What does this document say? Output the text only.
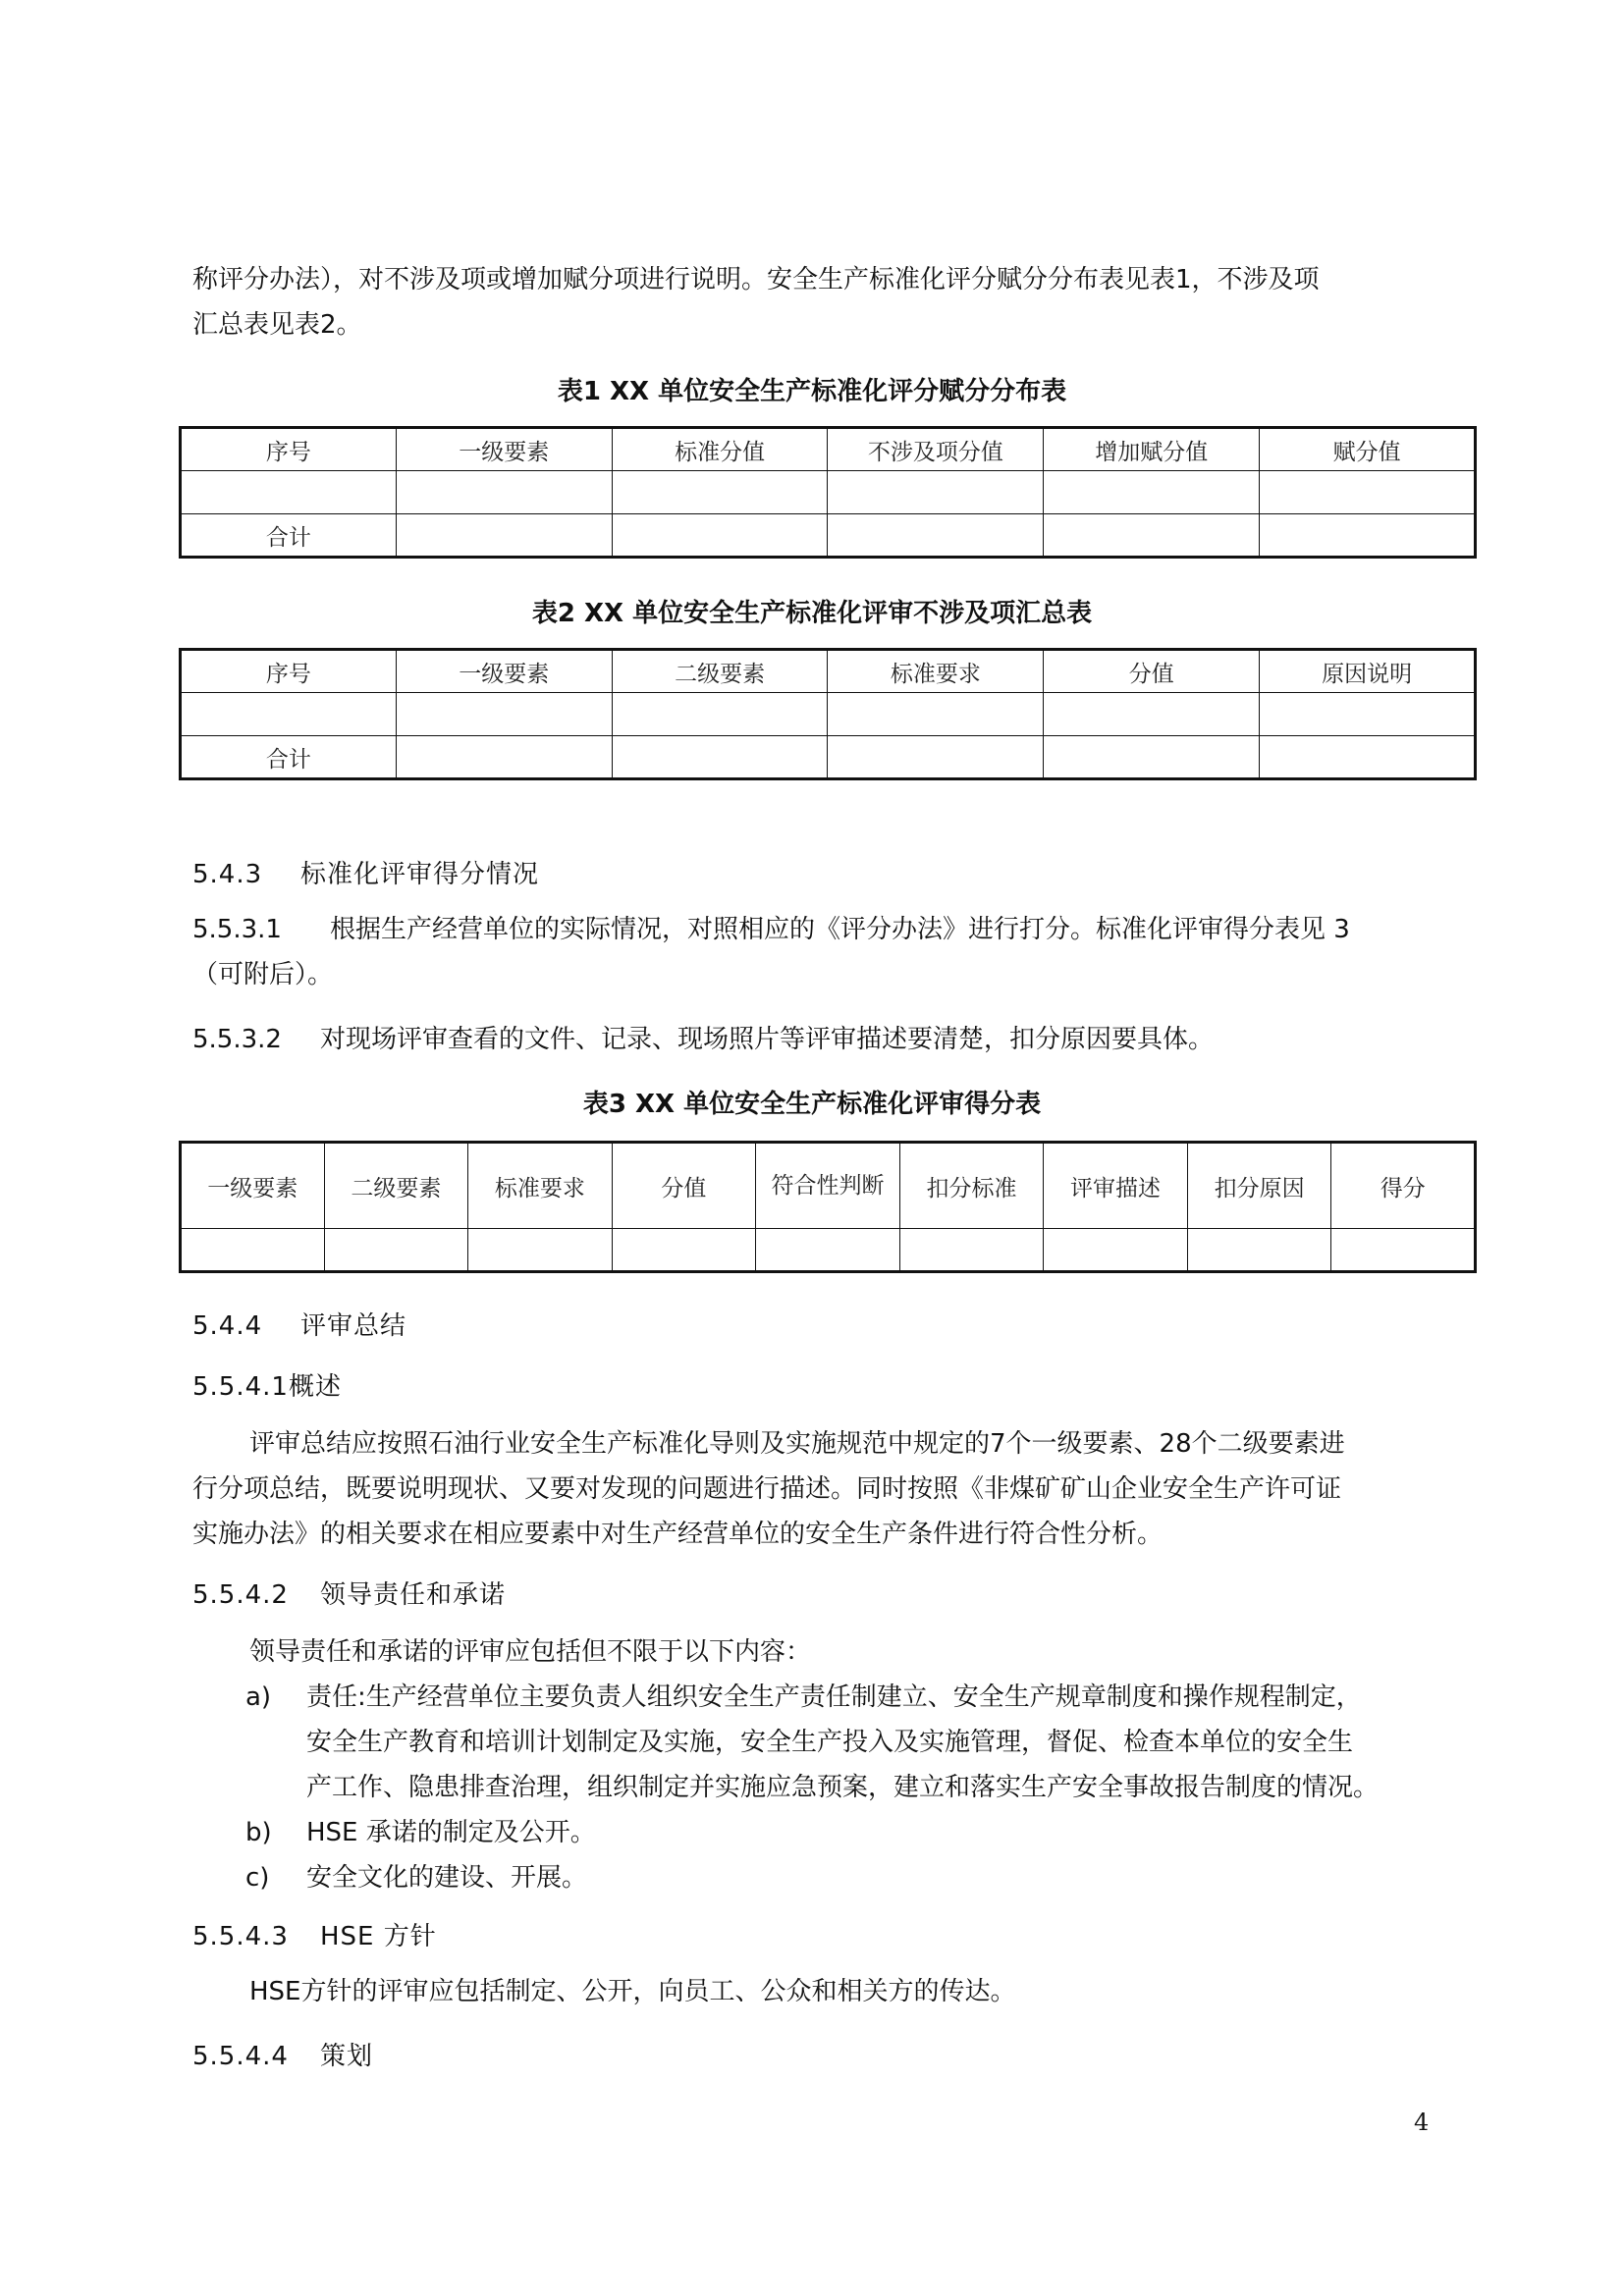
称评分办法），对不涉及项或增加赋分项进行说明。安全生产标准化评分赋分分布表见表1，不涉及项
汇总表见表2。

表1 XX 单位安全生产标准化评分赋分分布表

序号	一级要素	标准分值	不涉及项分值	增加赋分值	赋分值

合计					

表2 XX 单位安全生产标准化评审不涉及项汇总表

序号	一级要素	二级要素	标准要求	分值	原因说明

合计					

5.4.3 标准化评审得分情况

5.5.3.1 根据生产经营单位的实际情况，对照相应的《评分办法》进行打分。标准化评审得分表见 3
（可附后）。

5.5.3.2 对现场评审查看的文件、记录、现场照片等评审描述要清楚，扣分原因要具体。

表3 XX 单位安全生产标准化评审得分表

一级要素	二级要素	标准要求	分值	符合性判断	扣分标准	评审描述	扣分原因	得分

5.4.4 评审总结

5.5.4.1概述

评审总结应按照石油行业安全生产标准化导则及实施规范中规定的7个一级要素、28个二级要素进
行分项总结，既要说明现状、又要对发现的问题进行描述。同时按照《非煤矿矿山企业安全生产许可证
实施办法》的相关要求在相应要素中对生产经营单位的安全生产条件进行符合性分析。

5.5.4.2 领导责任和承诺

领导责任和承诺的评审应包括但不限于以下内容：

a)	责任:生产经营单位主要负责人组织安全生产责任制建立、安全生产规章制度和操作规程制定，
安全生产教育和培训计划制定及实施，安全生产投入及实施管理，督促、检查本单位的安全生
产工作、隐患排查治理，组织制定并实施应急预案，建立和落实生产安全事故报告制度的情况。
b)	HSE 承诺的制定及公开。
c)	安全文化的建设、开展。

5.5.4.3 HSE 方针

HSE方针的评审应包括制定、公开，向员工、公众和相关方的传达。

5.5.4.4 策划

4
